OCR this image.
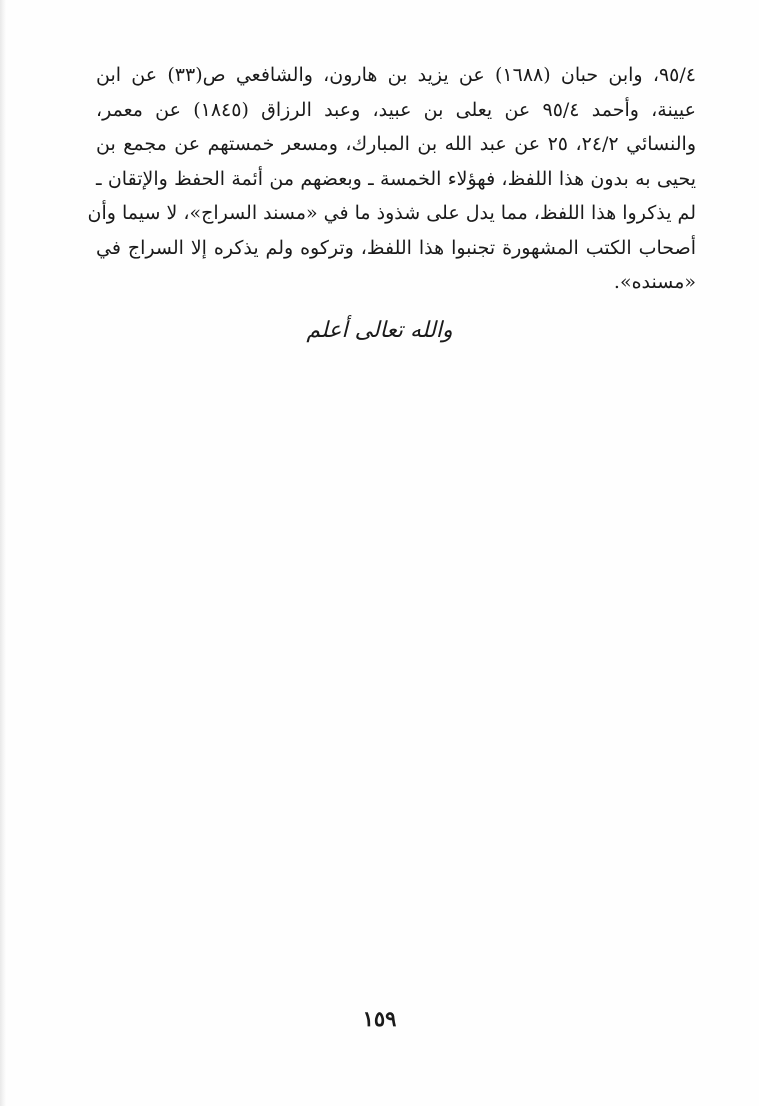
٩٥/٤، وابن حبان (١٦٨٨) عن يزيد بن هارون، والشافعي ص(٣٣) عن ابن
عيينة، وأحمد ٩٥/٤ عن يعلى بن عبيد، وعبد الرزاق (١٨٤٥) عن معمر،
والنسائي ٢٤/٢، ٢٥ عن عبد الله بن المبارك، ومسعر خمستهم عن مجمع بن
يحيى به بدون هذا اللفظ، فهؤلاء الخمسة ـ وبعضهم من أئمة الحفظ والإتقان ـ
لم يذكروا هذا اللفظ، مما يدل على شذوذ ما في «مسند السراج»، لا سيما وأن
أصحاب الكتب المشهورة تجنبوا هذا اللفظ، وتركوه ولم يذكره إلا السراج في
«مسنده».
والله تعالى أعلم
١٥٩
